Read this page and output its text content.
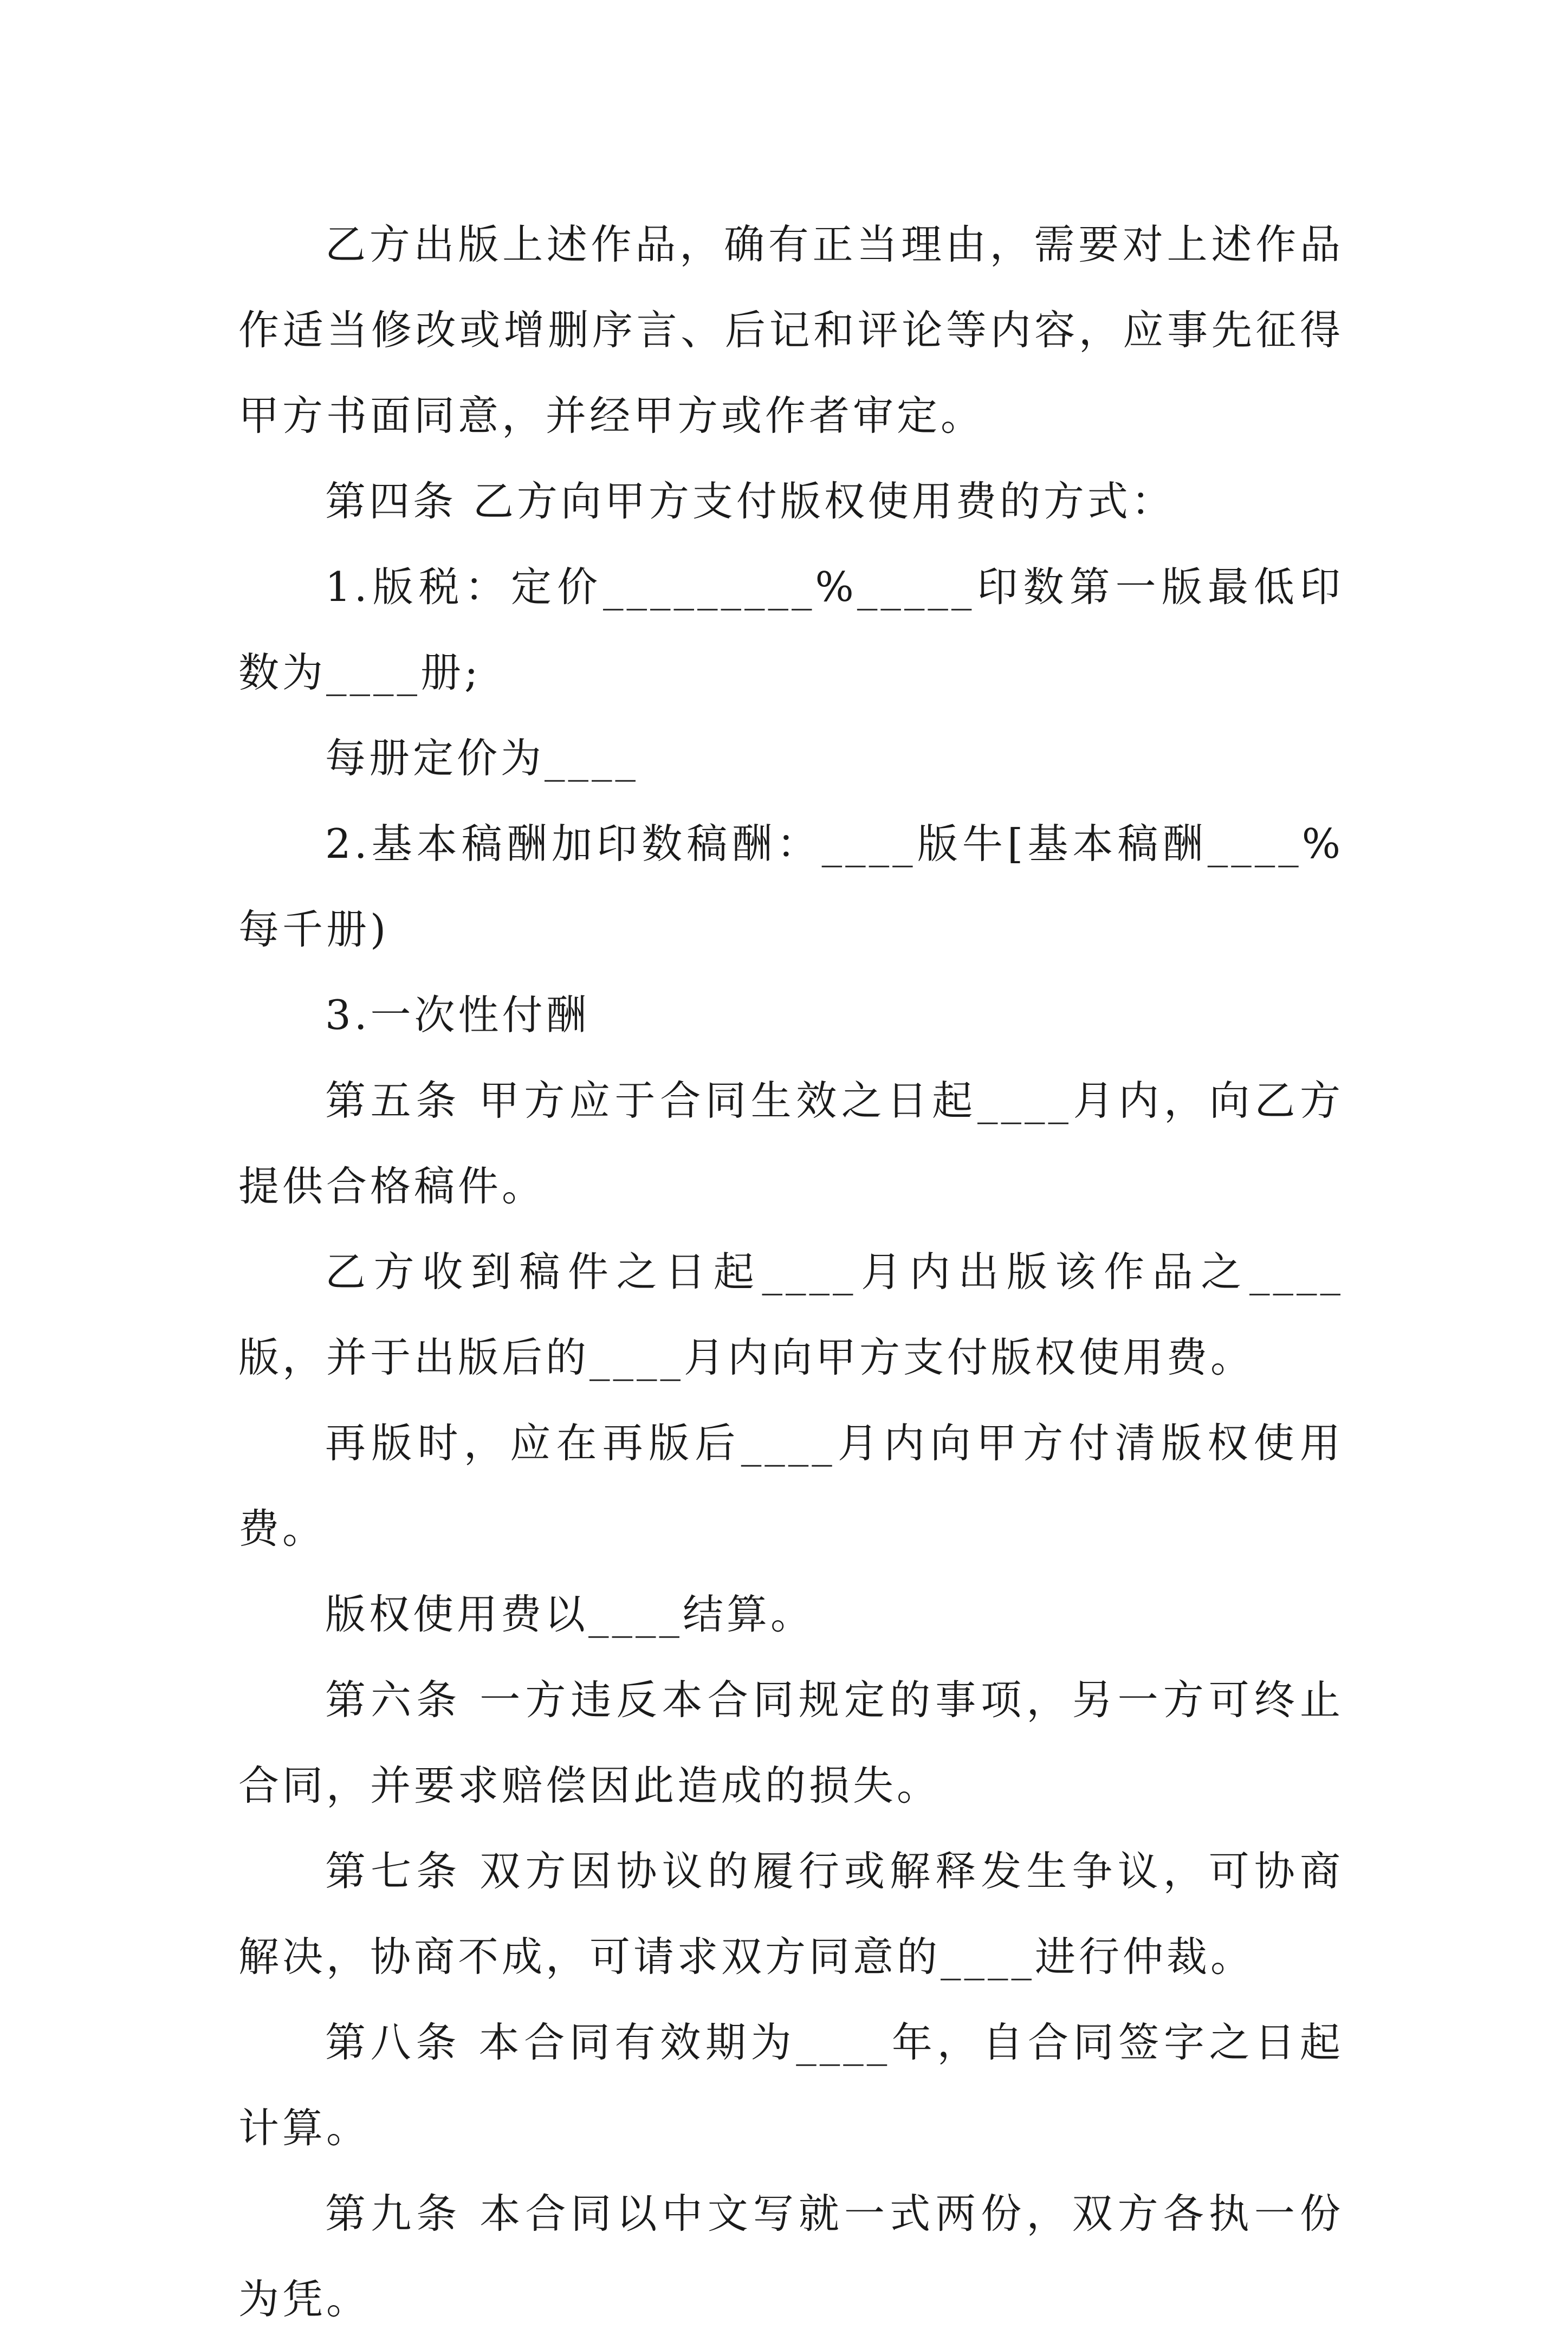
乙方出版上述作品，确有正当理由，需要对上述作品作适当修改或增删序言、后记和评论等内容，应事先征得甲方书面同意，并经甲方或作者审定。

第四条 乙方向甲方支付版权使用费的方式：

1.版税：定价_________%_____印数第一版最低印数为____册;

每册定价为____

2.基本稿酬加印数稿酬：____版牛[基本稿酬____%每千册)

3.一次性付酬

第五条 甲方应于合同生效之日起____月内，向乙方提供合格稿件。

乙方收到稿件之日起____月内出版该作品之____版，并于出版后的____月内向甲方支付版权使用费。

再版时，应在再版后____月内向甲方付清版权使用费。

版权使用费以____结算。

第六条 一方违反本合同规定的事项，另一方可终止合同，并要求赔偿因此造成的损失。

第七条 双方因协议的履行或解释发生争议，可协商解决，协商不成，可请求双方同意的____进行仲裁。

第八条 本合同有效期为____年，自合同签字之日起计算。

第九条 本合同以中文写就一式两份，双方各执一份为凭。
